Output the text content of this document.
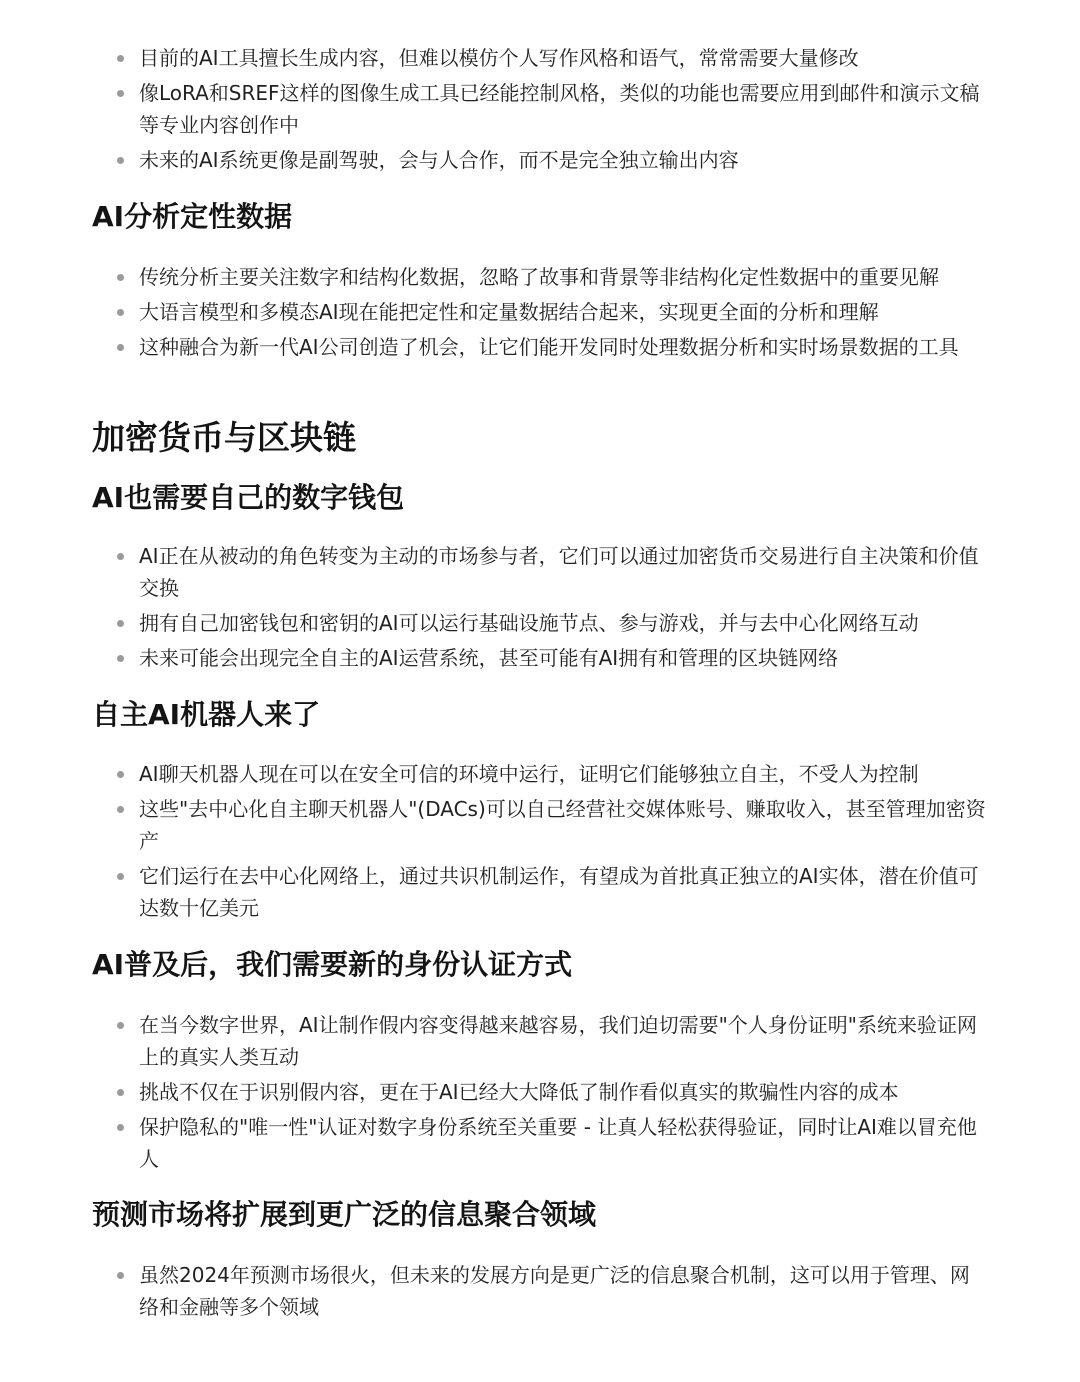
目前的AI工具擅长生成内容，但难以模仿个人写作风格和语气，常常需要大量修改
像LoRA和SREF这样的图像生成工具已经能控制风格，类似的功能也需要应用到邮件和演示文稿等专业内容创作中
未来的AI系统更像是副驾驶，会与人合作，而不是完全独立输出内容
AI分析定性数据
传统分析主要关注数字和结构化数据，忽略了故事和背景等非结构化定性数据中的重要见解
大语言模型和多模态AI现在能把定性和定量数据结合起来，实现更全面的分析和理解
这种融合为新一代AI公司创造了机会，让它们能开发同时处理数据分析和实时场景数据的工具
加密货币与区块链
AI也需要自己的数字钱包
AI正在从被动的角色转变为主动的市场参与者，它们可以通过加密货币交易进行自主决策和价值交换
拥有自己加密钱包和密钥的AI可以运行基础设施节点、参与游戏，并与去中心化网络互动
未来可能会出现完全自主的AI运营系统，甚至可能有AI拥有和管理的区块链网络
自主AI机器人来了
AI聊天机器人现在可以在安全可信的环境中运行，证明它们能够独立自主，不受人为控制
这些"去中心化自主聊天机器人"(DACs)可以自己经营社交媒体账号、赚取收入，甚至管理加密资产
它们运行在去中心化网络上，通过共识机制运作，有望成为首批真正独立的AI实体，潜在价值可达数十亿美元
AI普及后，我们需要新的身份认证方式
在当今数字世界，AI让制作假内容变得越来越容易，我们迫切需要"个人身份证明"系统来验证网上的真实人类互动
挑战不仅在于识别假内容，更在于AI已经大大降低了制作看似真实的欺骗性内容的成本
保护隐私的"唯一性"认证对数字身份系统至关重要 - 让真人轻松获得验证，同时让AI难以冒充他人
预测市场将扩展到更广泛的信息聚合领域
虽然2024年预测市场很火，但未来的发展方向是更广泛的信息聚合机制，这可以用于管理、网络和金融等多个领域
